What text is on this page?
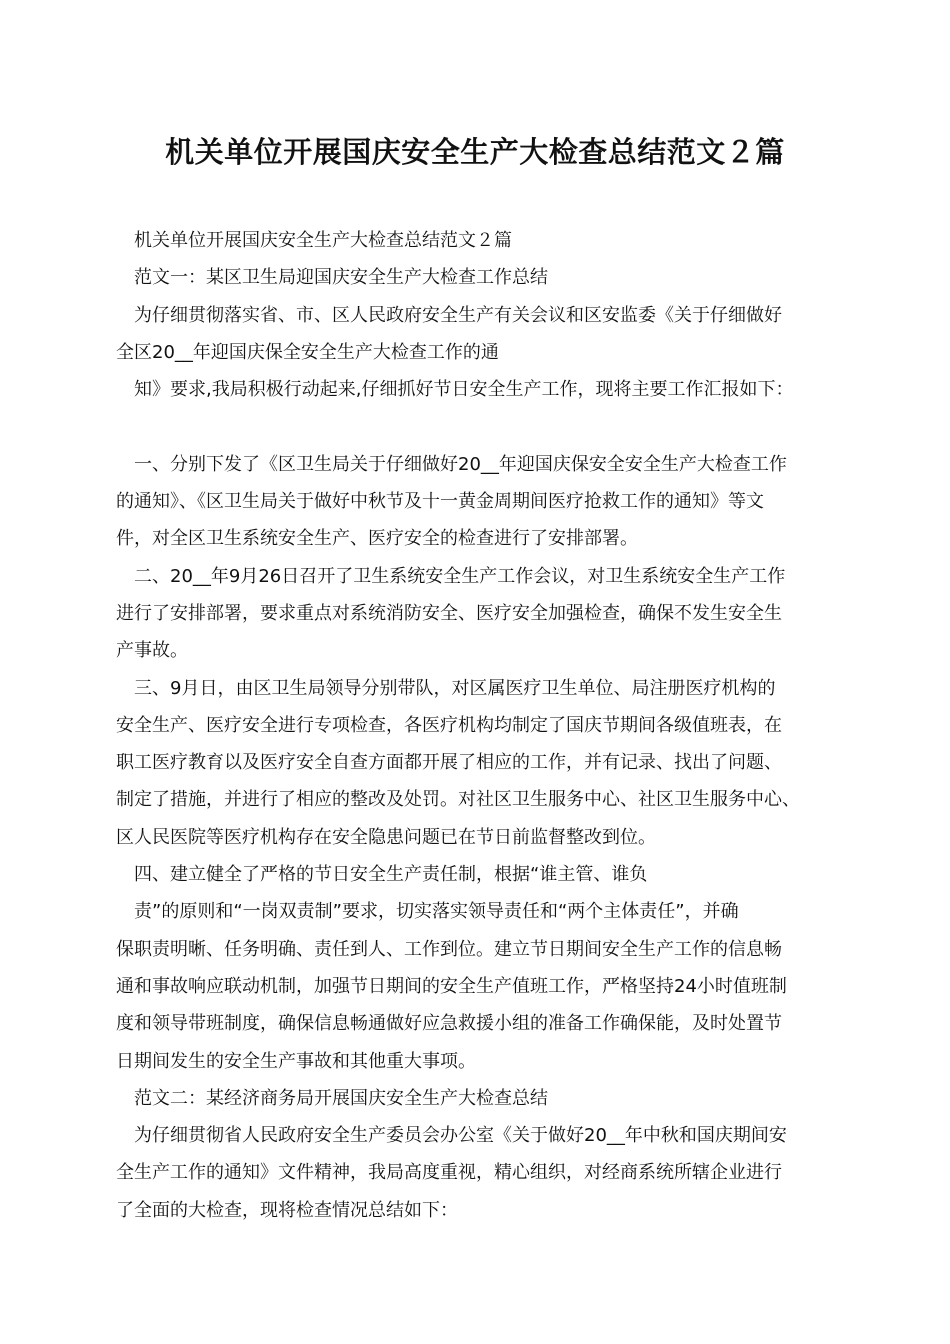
机关单位开展国庆安全生产大检查总结范文２篇

　机关单位开展国庆安全生产大检查总结范文２篇

　范文一：某区卫生局迎国庆安全生产大检查工作总结

　为仔细贯彻落实省、市、区人民政府安全生产有关会议和区安监委《关于仔细做好

全区20__年迎国庆保全安全生产大检查工作的通

　知》要求,我局积极行动起来,仔细抓好节日安全生产工作，现将主要工作汇报如下：

　一、分别下发了《区卫生局关于仔细做好20__年迎国庆保安全安全生产大检查工作

的通知》、《区卫生局关于做好中秋节及十一黄金周期间医疗抢救工作的通知》等文

件，对全区卫生系统安全生产、医疗安全的检查进行了安排部署。

　二、20__年9月26日召开了卫生系统安全生产工作会议，对卫生系统安全生产工作

进行了安排部署，要求重点对系统消防安全、医疗安全加强检查，确保不发生安全生

产事故。

　三、9月日，由区卫生局领导分别带队，对区属医疗卫生单位、局注册医疗机构的

安全生产、医疗安全进行专项检查，各医疗机构均制定了国庆节期间各级值班表，在

职工医疗教育以及医疗安全自查方面都开展了相应的工作，并有记录、找出了问题、

制定了措施，并进行了相应的整改及处罚。对社区卫生服务中心、社区卫生服务中心、

区人民医院等医疗机构存在安全隐患问题已在节日前监督整改到位。

　四、建立健全了严格的节日安全生产责任制，根据“谁主管、谁负

　责”的原则和“一岗双责制”要求，切实落实领导责任和“两个主体责任”，并确

保职责明晰、任务明确、责任到人、工作到位。建立节日期间安全生产工作的信息畅

通和事故响应联动机制，加强节日期间的安全生产值班工作，严格坚持24小时值班制

度和领导带班制度，确保信息畅通做好应急救援小组的准备工作确保能，及时处置节

日期间发生的安全生产事故和其他重大事项。

　范文二：某经济商务局开展国庆安全生产大检查总结

　为仔细贯彻省人民政府安全生产委员会办公室《关于做好20__年中秋和国庆期间安

全生产工作的通知》文件精神，我局高度重视，精心组织，对经商系统所辖企业进行

了全面的大检查，现将检查情况总结如下：
